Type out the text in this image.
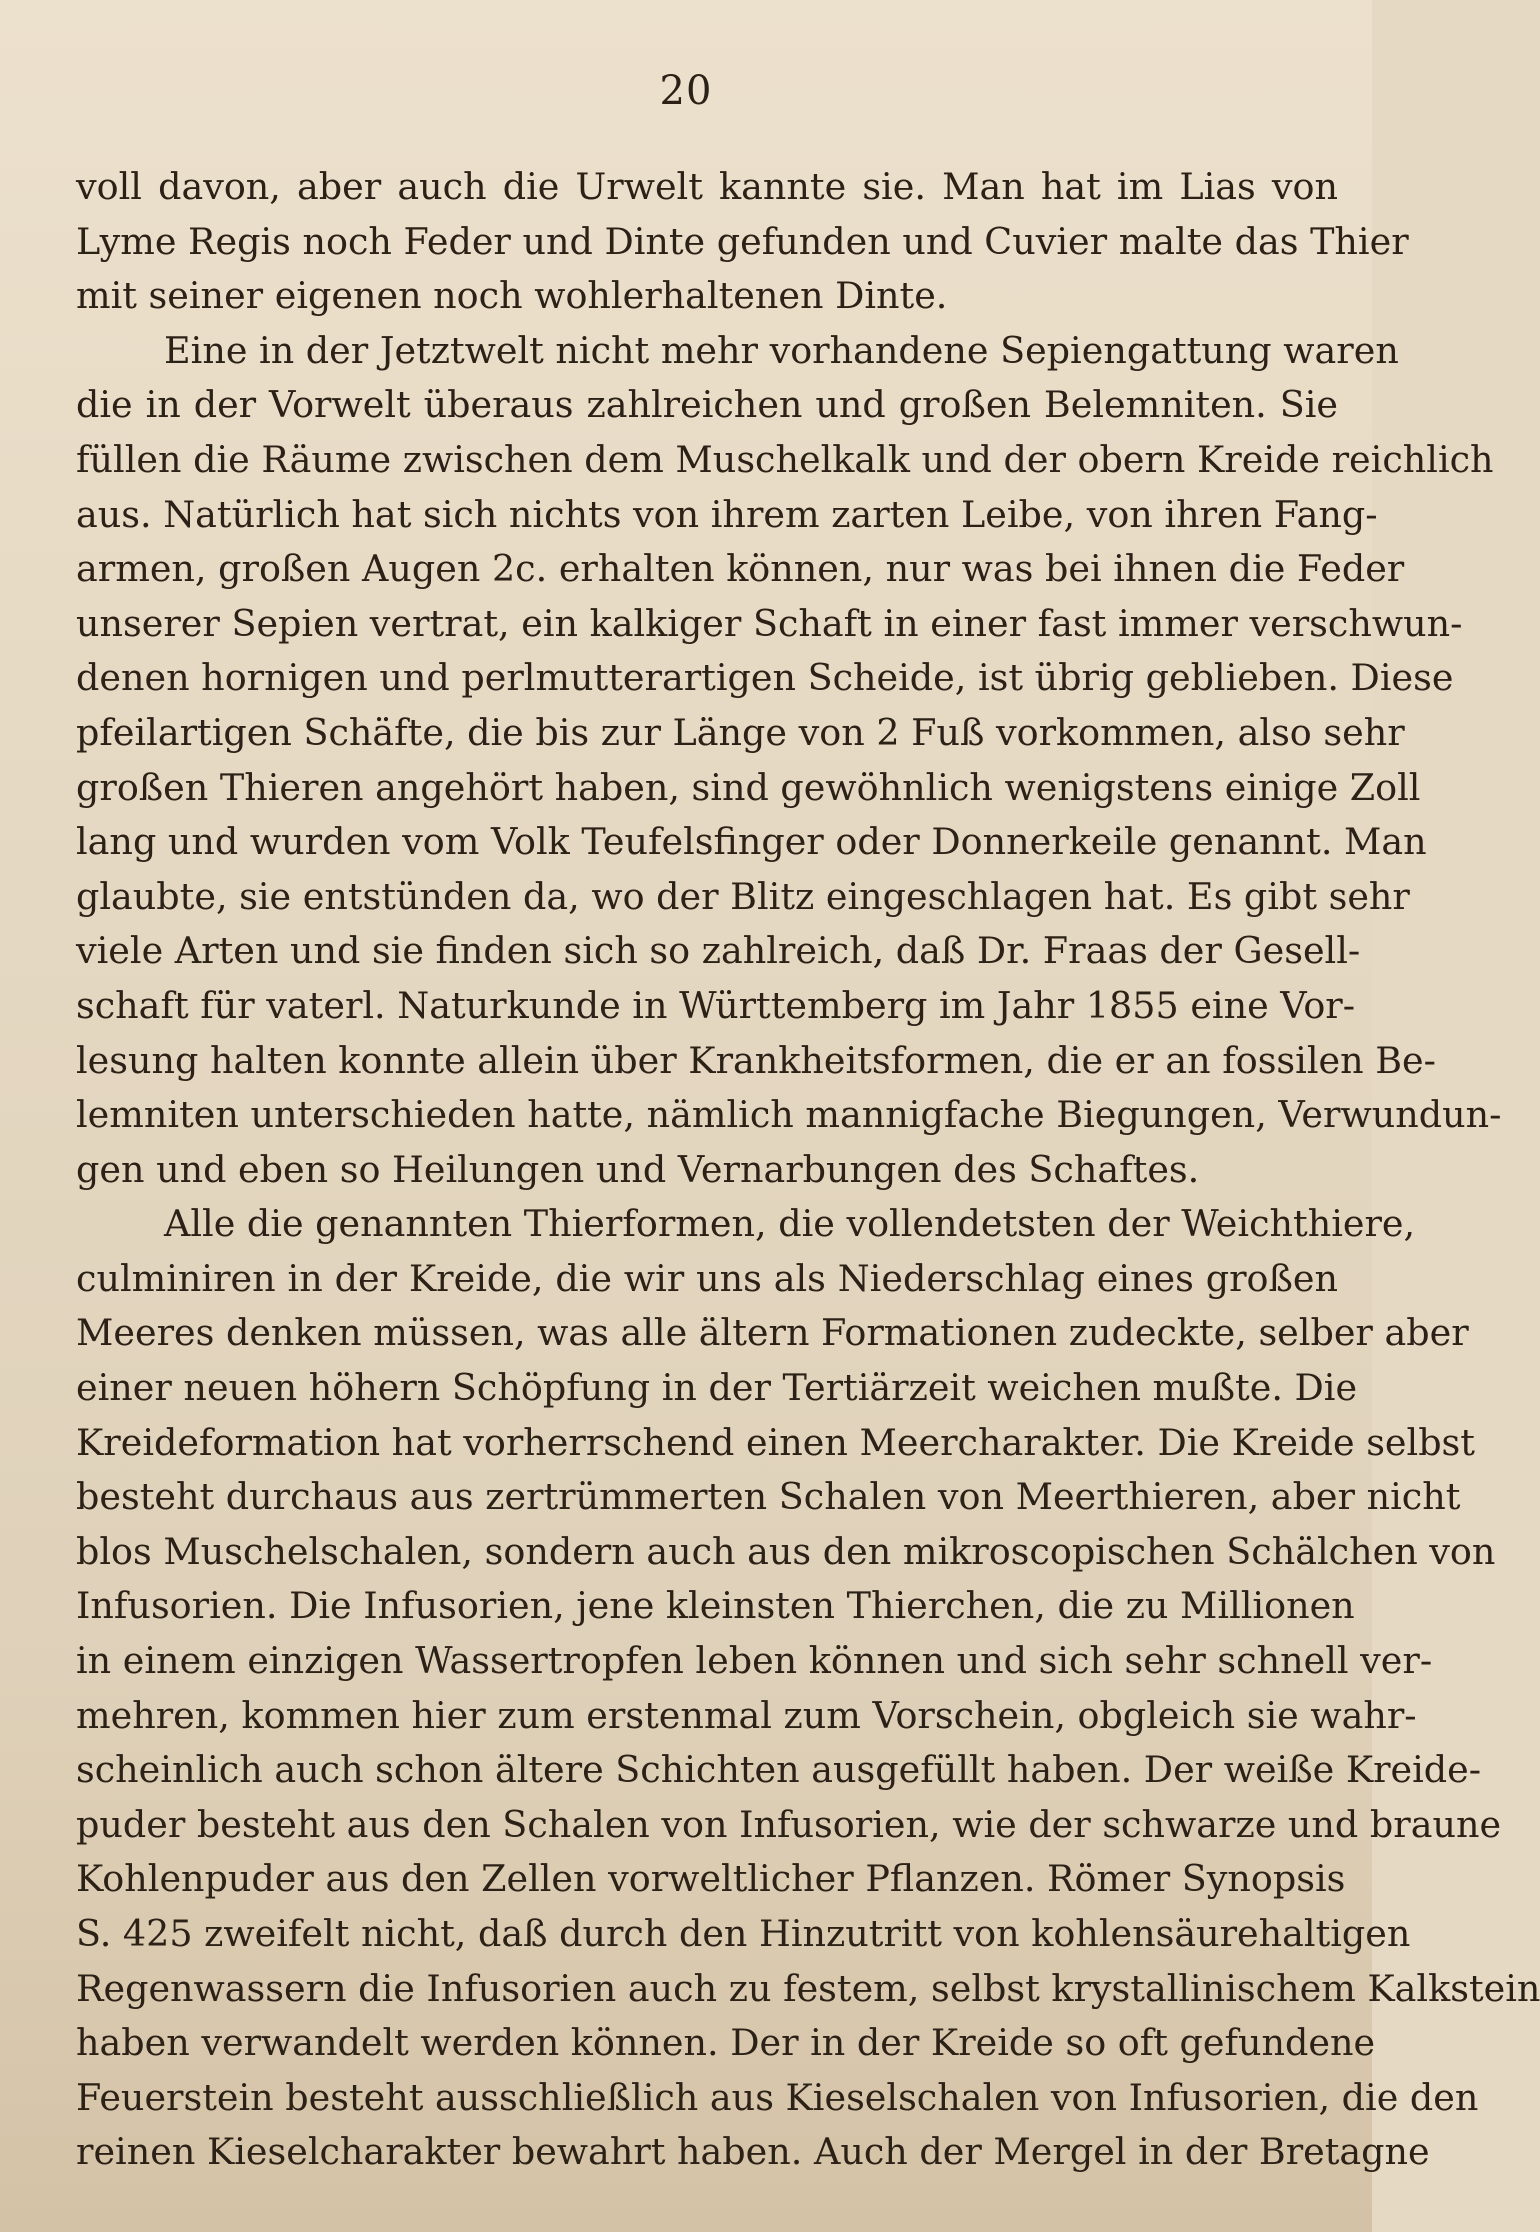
20
voll davon, aber auch die Urwelt kannte sie. Man hat im Lias von
Lyme Regis noch Feder und Dinte gefunden und Cuvier malte das Thier
mit seiner eigenen noch wohlerhaltenen Dinte.
Eine in der Jetztwelt nicht mehr vorhandene Sepiengattung waren
die in der Vorwelt überaus zahlreichen und großen Belemniten. Sie
füllen die Räume zwischen dem Muschelkalk und der obern Kreide reichlich
aus. Natürlich hat sich nichts von ihrem zarten Leibe, von ihren Fang-
armen, großen Augen 2c. erhalten können, nur was bei ihnen die Feder
unserer Sepien vertrat, ein kalkiger Schaft in einer fast immer verschwun-
denen hornigen und perlmutterartigen Scheide, ist übrig geblieben. Diese
pfeilartigen Schäfte, die bis zur Länge von 2 Fuß vorkommen, also sehr
großen Thieren angehört haben, sind gewöhnlich wenigstens einige Zoll
lang und wurden vom Volk Teufelsfinger oder Donnerkeile genannt. Man
glaubte, sie entstünden da, wo der Blitz eingeschlagen hat. Es gibt sehr
viele Arten und sie finden sich so zahlreich, daß Dr. Fraas der Gesell-
schaft für vaterl. Naturkunde in Württemberg im Jahr 1855 eine Vor-
lesung halten konnte allein über Krankheitsformen, die er an fossilen Be-
lemniten unterschieden hatte, nämlich mannigfache Biegungen, Verwundun-
gen und eben so Heilungen und Vernarbungen des Schaftes.
Alle die genannten Thierformen, die vollendetsten der Weichthiere,
culminiren in der Kreide, die wir uns als Niederschlag eines großen
Meeres denken müssen, was alle ältern Formationen zudeckte, selber aber
einer neuen höhern Schöpfung in der Tertiärzeit weichen mußte. Die
Kreideformation hat vorherrschend einen Meercharakter. Die Kreide selbst
besteht durchaus aus zertrümmerten Schalen von Meerthieren, aber nicht
blos Muschelschalen, sondern auch aus den mikroscopischen Schälchen von
Infusorien. Die Infusorien, jene kleinsten Thierchen, die zu Millionen
in einem einzigen Wassertropfen leben können und sich sehr schnell ver-
mehren, kommen hier zum erstenmal zum Vorschein, obgleich sie wahr-
scheinlich auch schon ältere Schichten ausgefüllt haben. Der weiße Kreide-
puder besteht aus den Schalen von Infusorien, wie der schwarze und braune
Kohlenpuder aus den Zellen vorweltlicher Pflanzen. Römer Synopsis
S. 425 zweifelt nicht, daß durch den Hinzutritt von kohlensäurehaltigen
Regenwassern die Infusorien auch zu festem, selbst krystallinischem Kalkstein
haben verwandelt werden können. Der in der Kreide so oft gefundene
Feuerstein besteht ausschließlich aus Kieselschalen von Infusorien, die den
reinen Kieselcharakter bewahrt haben. Auch der Mergel in der Bretagne
